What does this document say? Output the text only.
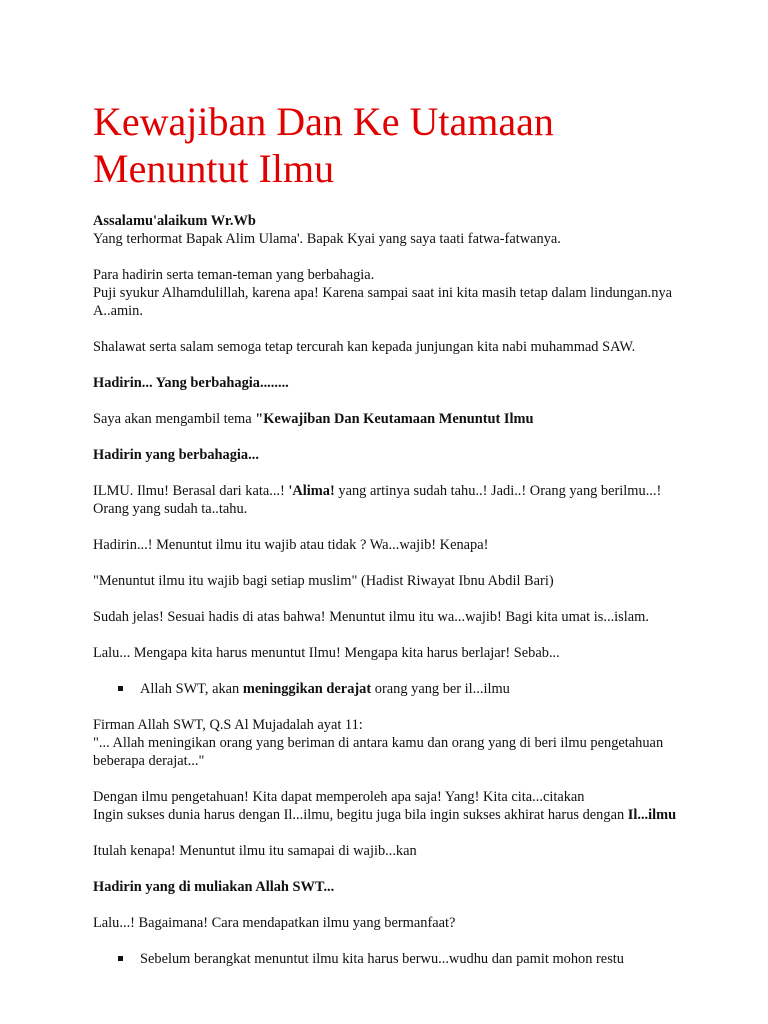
Kewajiban Dan Ke Utamaan Menuntut Ilmu

Assalamu'alaikum Wr.Wb

Yang terhormat Bapak Alim Ulama'. Bapak Kyai yang saya taati fatwa-fatwanya.

Para hadirin serta teman-teman yang berbahagia.

Puji syukur Alhamdulillah, karena apa! Karena sampai saat ini kita masih tetap dalam lindungan.nya A..amin.

Shalawat serta salam semoga tetap tercurah kan kepada junjungan kita nabi muhammad SAW.

Hadirin... Yang berbahagia........

Saya akan mengambil tema "Kewajiban Dan Keutamaan Menuntut Ilmu

Hadirin yang berbahagia...

ILMU. Ilmu! Berasal dari kata...! 'Alima! yang artinya sudah tahu..! Jadi..! Orang yang berilmu...! Orang yang sudah ta..tahu.

Hadirin...! Menuntut ilmu itu wajib atau tidak ? Wa...wajib! Kenapa!

"Menuntut ilmu itu wajib bagi setiap muslim" (Hadist Riwayat Ibnu Abdil Bari)

Sudah jelas! Sesuai hadis di atas bahwa! Menuntut ilmu itu wa...wajib! Bagi kita umat is...islam.

Lalu... Mengapa kita harus menuntut Ilmu! Mengapa kita harus berlajar! Sebab...

Allah SWT, akan meninggikan derajat orang yang ber il...ilmu

Firman Allah SWT, Q.S Al Mujadalah ayat 11:

"... Allah meningikan orang yang beriman di antara kamu dan orang yang di beri ilmu pengetahuan beberapa derajat..."

Dengan ilmu pengetahuan! Kita dapat memperoleh apa saja! Yang! Kita cita...citakan

Ingin sukses dunia harus dengan Il...ilmu, begitu juga bila ingin sukses akhirat harus dengan Il...ilmu

Itulah kenapa! Menuntut ilmu itu samapai di wajib...kan

Hadirin yang di muliakan Allah SWT...

Lalu...! Bagaimana! Cara mendapatkan ilmu yang bermanfaat?

Sebelum berangkat menuntut ilmu kita harus berwu...wudhu dan pamit mohon restu
